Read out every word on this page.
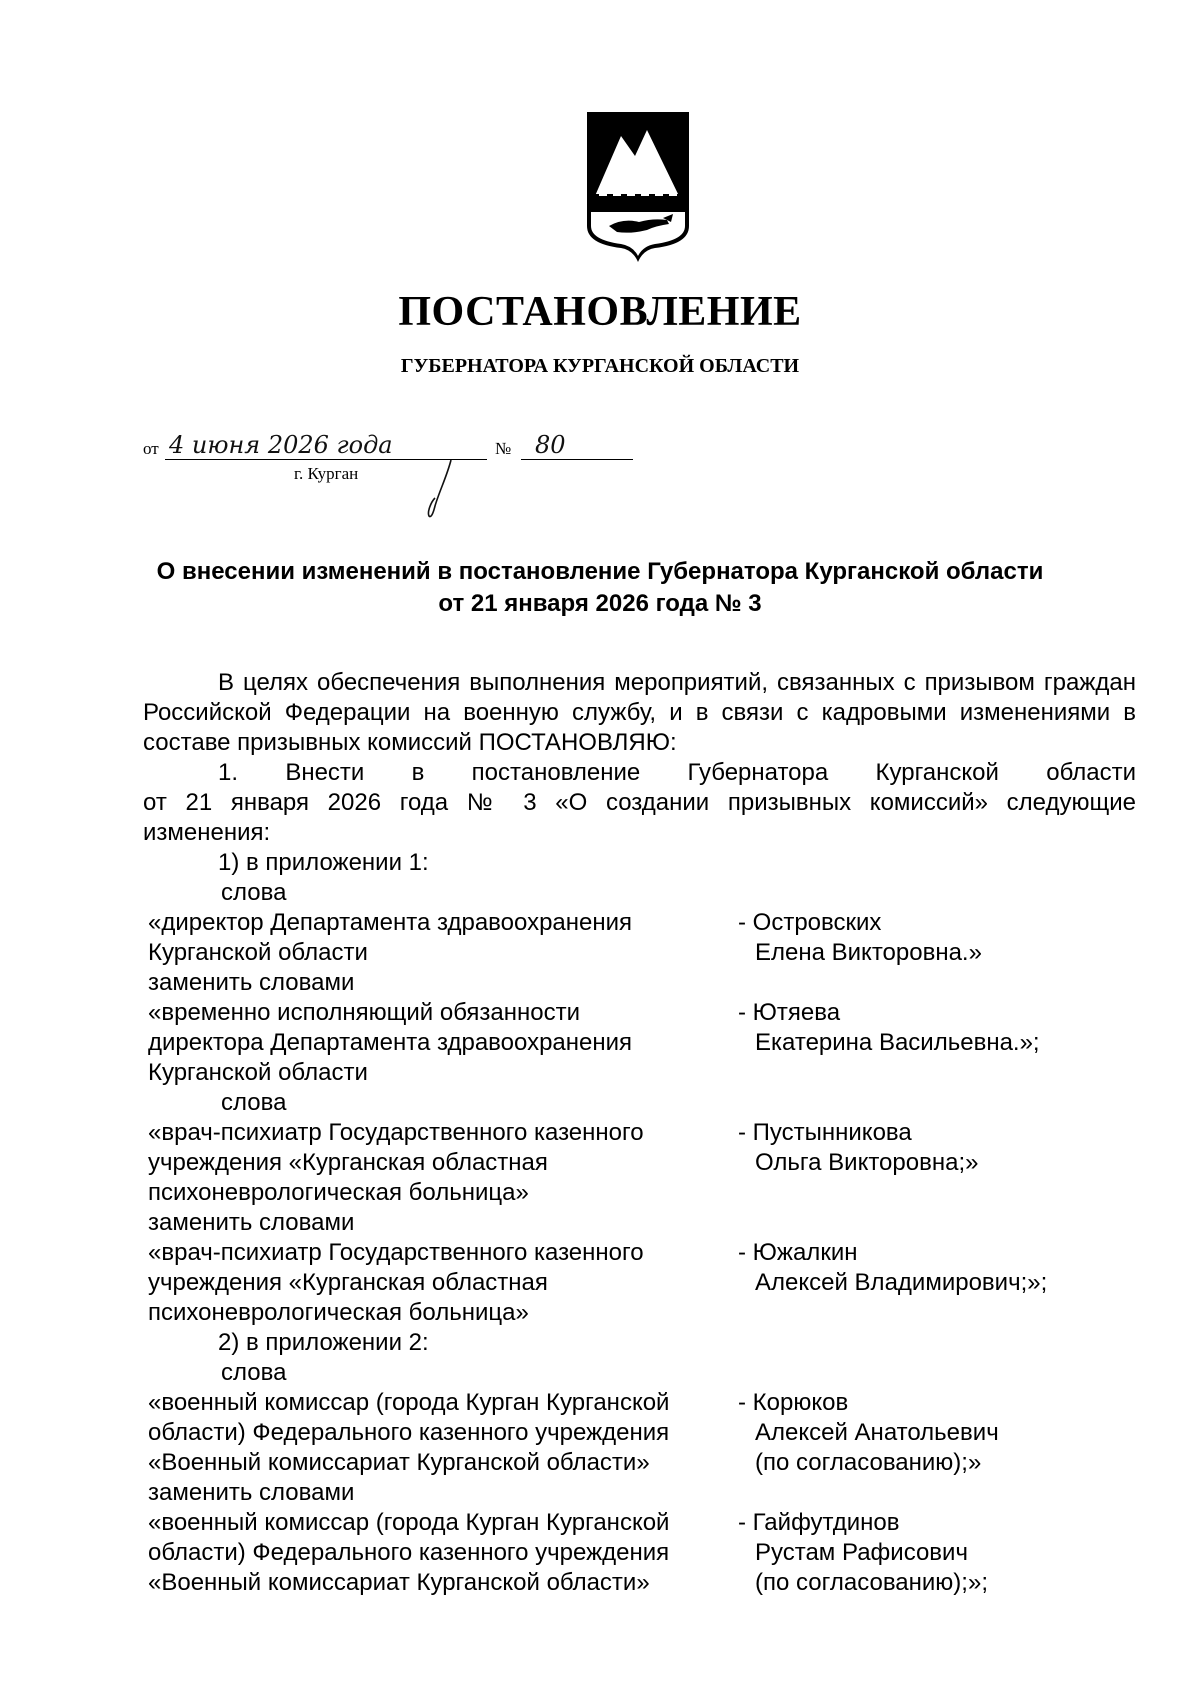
ПОСТАНОВЛЕНИЕ
ГУБЕРНАТОРА КУРГАНСКОЙ ОБЛАСТИ
от 4 июня 2026 года	№ 80
г. Курган
О внесении изменений в постановление Губернатора Курганской области
от 21 января 2026 года № 3
В целях обеспечения выполнения мероприятий, связанных с призывом граждан Российской Федерации на военную службу, и в связи с кадровыми изменениями в составе призывных комиссий ПОСТАНОВЛЯЮ:
1. Внести в постановление Губернатора Курганской области
от 21 января 2026 года № 3 «О создании призывных комиссий» следующие
изменения:
1) в приложении 1:
слова
«директор Департамента здравоохранения
Курганской области
- Островских
Елена Викторовна.»
заменить словами
«временно исполняющий обязанности
директора Департамента здравоохранения
Курганской области
- Ютяева
Екатерина Васильевна.»;
слова
«врач-психиатр Государственного казенного
учреждения «Курганская областная
психоневрологическая больница»
- Пустынникова
Ольга Викторовна;»
заменить словами
«врач-психиатр Государственного казенного
учреждения «Курганская областная
психоневрологическая больница»
- Южалкин
Алексей Владимирович;»;
2) в приложении 2:
слова
«военный комиссар (города Курган Курганской
области) Федерального казенного учреждения
«Военный комиссариат Курганской области»
- Корюков
Алексей Анатольевич
(по согласованию);»
заменить словами
«военный комиссар (города Курган Курганской
области) Федерального казенного учреждения
«Военный комиссариат Курганской области»
- Гайфутдинов
Рустам Рафисович
(по согласованию);»;
